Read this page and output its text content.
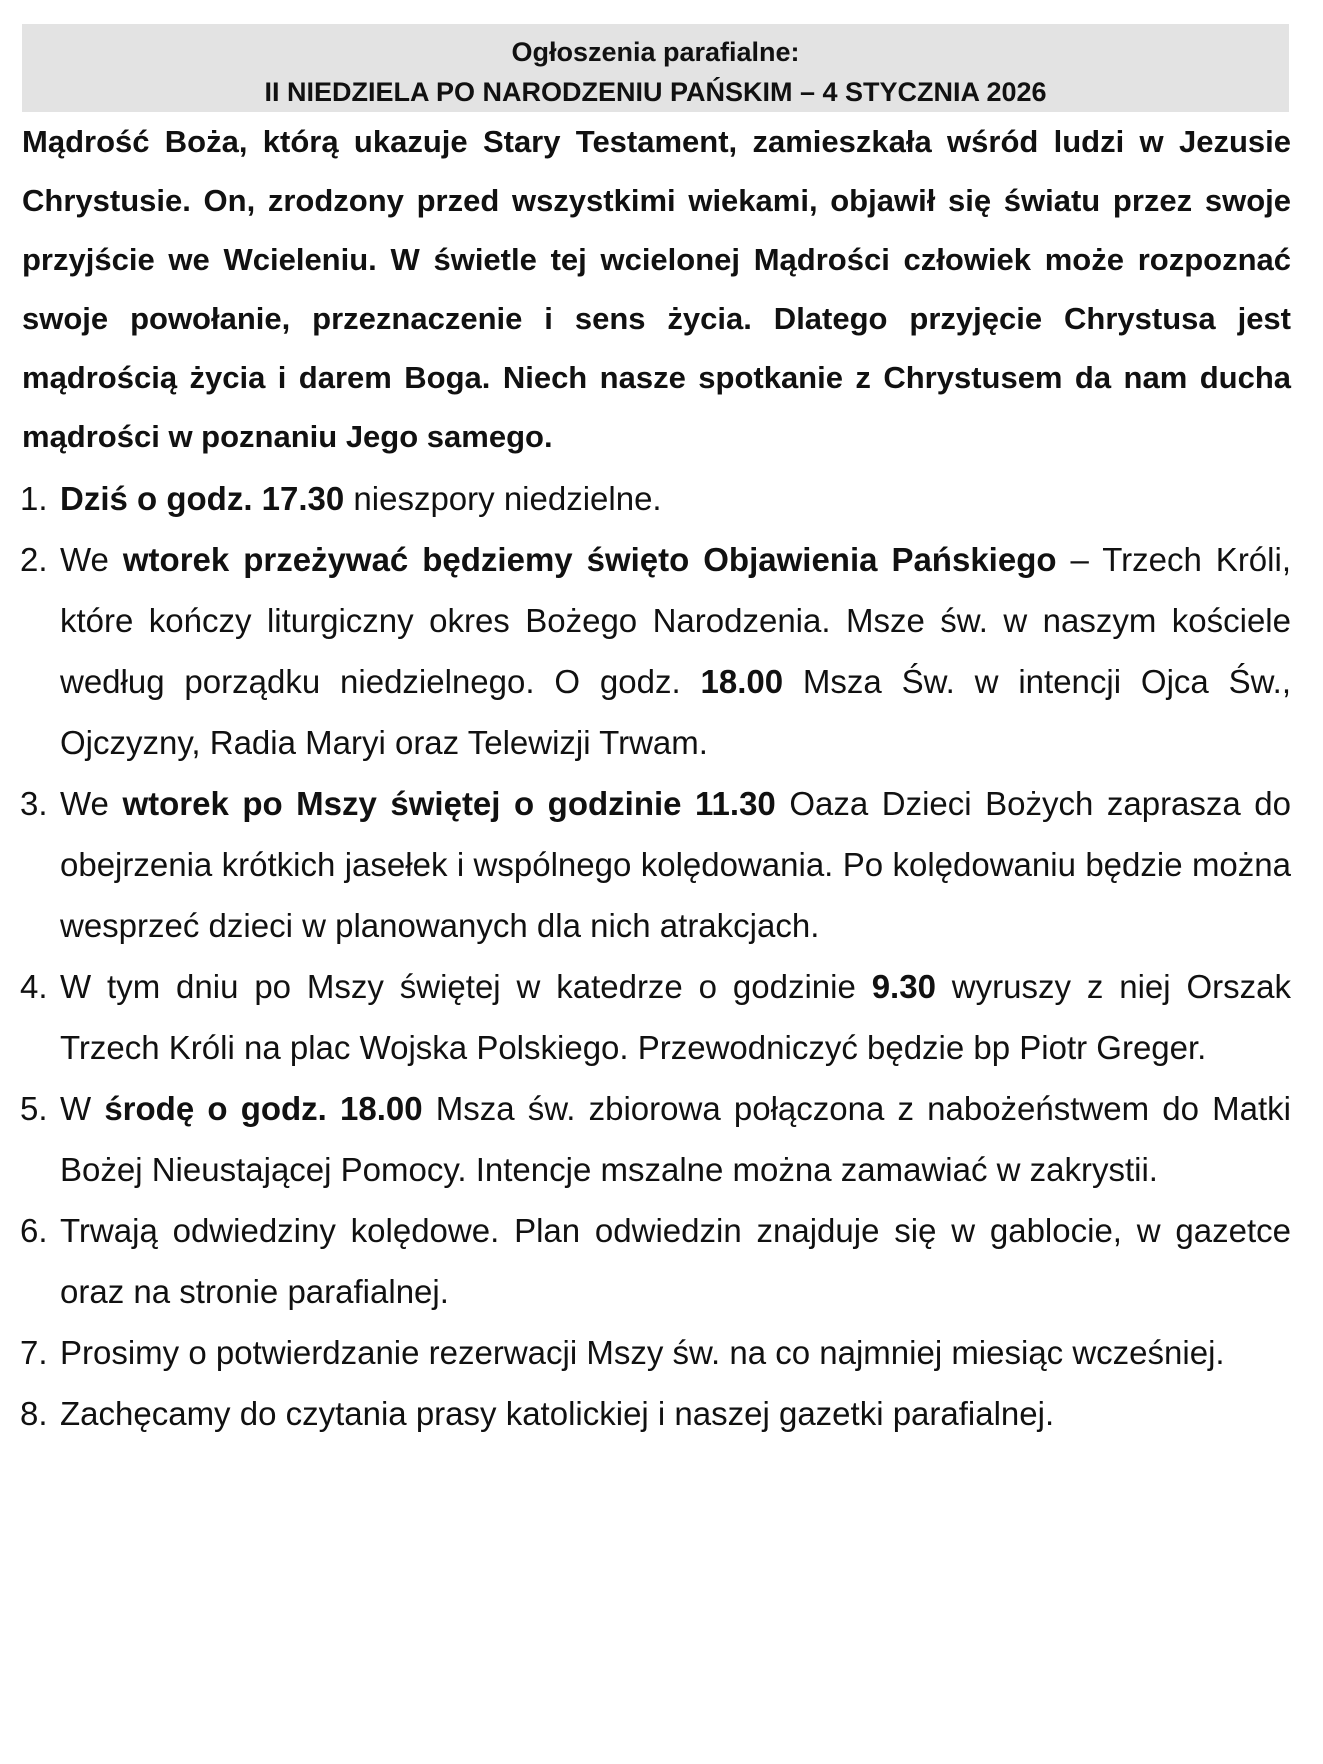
Ogłoszenia parafialne:
II NIEDZIELA PO NARODZENIU PAŃSKIM – 4 STYCZNIA 2026
Mądrość Boża, którą ukazuje Stary Testament, zamieszkała wśród ludzi w Jezusie Chrystusie. On, zrodzony przed wszystkimi wiekami, objawił się światu przez swoje przyjście we Wcieleniu. W świetle tej wcielonej Mądrości człowiek może rozpoznać swoje powołanie, przeznaczenie i sens życia. Dlatego przyjęcie Chrystusa jest mądrością życia i darem Boga. Niech nasze spotkanie z Chrystusem da nam ducha mądrości w poznaniu Jego samego.
1. Dziś o godz. 17.30 nieszpory niedzielne.
2. We wtorek przeżywać będziemy święto Objawienia Pańskiego – Trzech Króli, które kończy liturgiczny okres Bożego Narodzenia. Msze św. w naszym kościele według porządku niedzielnego. O godz. 18.00 Msza Św. w intencji Ojca Św., Ojczyzny, Radia Maryi oraz Telewizji Trwam.
3. We wtorek po Mszy świętej o godzinie 11.30 Oaza Dzieci Bożych zaprasza do obejrzenia krótkich jasełek i wspólnego kolędowania. Po kolędowaniu będzie można wesprzeć dzieci w planowanych dla nich atrakcjach.
4. W tym dniu po Mszy świętej w katedrze o godzinie 9.30 wyruszy z niej Orszak Trzech Króli na plac Wojska Polskiego. Przewodniczyć będzie bp Piotr Greger.
5. W środę o godz. 18.00 Msza św. zbiorowa połączona z nabożeństwem do Matki Bożej Nieustającej Pomocy. Intencje mszalne można zamawiać w zakrystii.
6. Trwają odwiedziny kolędowe. Plan odwiedzin znajduje się w gablocie, w gazetce oraz na stronie parafialnej.
7. Prosimy o potwierdzanie rezerwacji Mszy św. na co najmniej miesiąc wcześniej.
8. Zachęcamy do czytania prasy katolickiej i naszej gazetki parafialnej.
